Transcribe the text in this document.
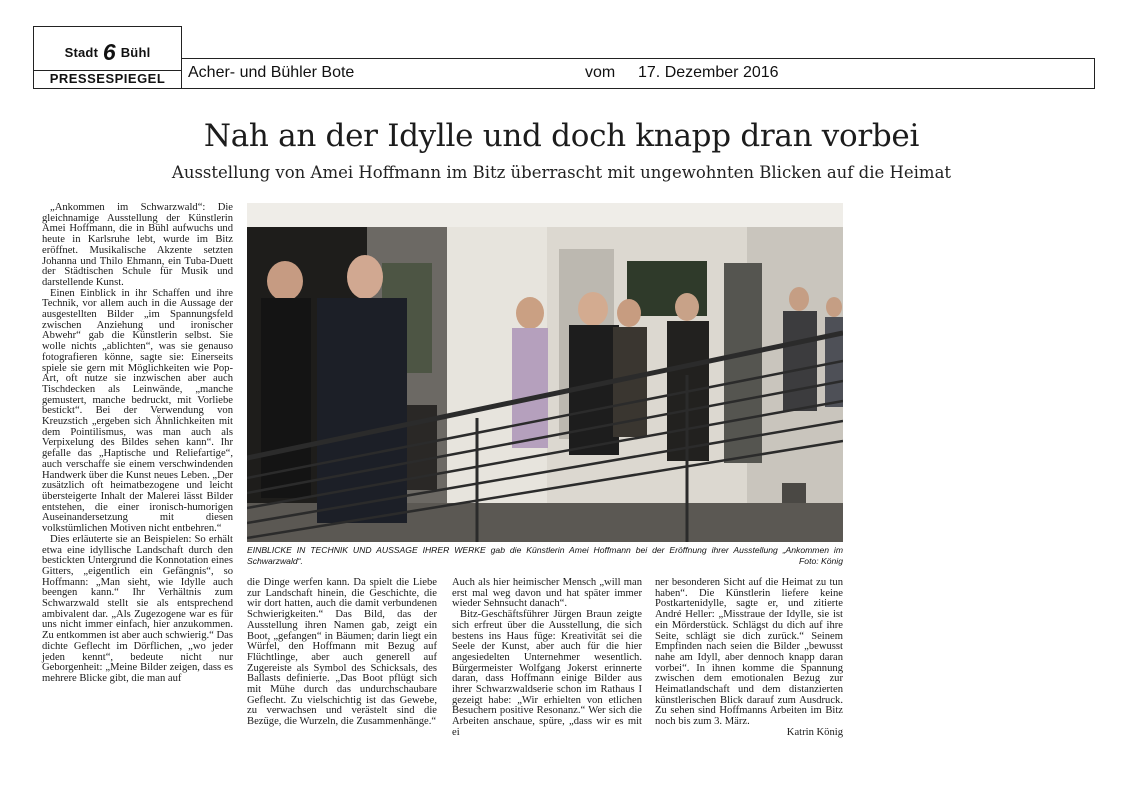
Stadt 6 Bühl
PRESSESPIEGEL	Acher- und Bühler Bote	vom 17. Dezember 2016
Nah an der Idylle und doch knapp dran vorbei
Ausstellung von Amei Hoffmann im Bitz überrascht mit ungewohnten Blicken auf die Heimat

„Ankommen im Schwarzwald“: Die gleichnamige Ausstellung der Künstlerin Amei Hoffmann, die in Bühl aufwuchs und heute in Karlsruhe lebt, wurde im Bitz eröffnet. Musikalische Akzente setzten Johanna und Thilo Ehmann, ein Tuba-Duett der Städtischen Schule für Musik und darstellende Kunst.

Einen Einblick in ihr Schaffen und ihre Technik, vor allem auch in die Aussage der ausgestellten Bilder „im Spannungsfeld zwischen Anziehung und ironischer Abwehr“ gab die Künstlerin selbst. Sie wolle nichts „ablichten“, was sie genauso fotografieren könne, sagte sie: Einerseits spiele sie gern mit Möglichkeiten wie Pop-Art, oft nutze sie inzwischen aber auch Tischdecken als Leinwände, „manche gemustert, manche bedruckt, mit Vorliebe bestickt“. Bei der Verwendung von Kreuzstich „ergeben sich Ähnlichkeiten mit dem Pointilismus, was man auch als Verpixelung des Bildes sehen kann“. Ihr gefalle das „Haptische und Reliefartige“, auch verschaffe sie einem verschwindenden Handwerk über die Kunst neues Leben. „Der zusätzlich oft heimatbezogene und leicht übersteigerte Inhalt der Malerei lässt Bilder entstehen, die einer ironisch-humorigen Auseinandersetzung mit diesen volkstümlichen Motiven nicht entbehren.“

Dies erläuterte sie an Beispielen: So erhält etwa eine idyllische Landschaft durch den bestickten Untergrund die Konnotation eines Gitters, „eigentlich ein Gefängnis“, so Hoffmann: „Man sieht, wie Idylle auch beengen kann.“ Ihr Verhältnis zum Schwarzwald stellt sie als entsprechend ambivalent dar. „Als Zugezogene war es für uns nicht immer einfach, hier anzukommen. Zu entkommen ist aber auch schwierig.“ Das dichte Geflecht im Dörflichen, „wo jeder jeden kennt“, bedeute nicht nur Geborgenheit: „Meine Bilder zeigen, dass es mehrere Blicke gibt, die man auf

EINBLICKE IN TECHNIK UND AUSSAGE IHRER WERKE gab die Künstlerin Amei Hoffmann bei der Eröffnung ihrer Ausstellung „Ankommen im Schwarzwald“.	Foto: König

die Dinge werfen kann. Da spielt die Liebe zur Landschaft hinein, die Geschichte, die wir dort hatten, auch die damit verbundenen Schwierigkeiten.“ Das Bild, das der Ausstellung ihren Namen gab, zeigt ein Boot, „gefangen“ in Bäumen; darin liegt ein Würfel, den Hoffmann mit Bezug auf Flüchtlinge, aber auch generell auf Zugereiste als Symbol des Schicksals, des Ballasts definierte. „Das Boot pflügt sich mit Mühe durch das undurchschaubare Geflecht. Zu vielschichtig ist das Gewebe, zu verwachsen und verästelt sind die Bezüge, die Wurzeln, die Zusammenhänge.“

Auch als hier heimischer Mensch „will man erst mal weg davon und hat später immer wieder Sehnsucht danach“.

Bitz-Geschäftsführer Jürgen Braun zeigte sich erfreut über die Ausstellung, die sich bestens ins Haus füge: Kreativität sei die Seele der Kunst, aber auch für die hier angesiedelten Unternehmer wesentlich. Bürgermeister Wolfgang Jokerst erinnerte daran, dass Hoffmann einige Bilder aus ihrer Schwarzwaldserie schon im Rathaus I gezeigt habe: „Wir erhielten von etlichen Besuchern positive Resonanz.“ Wer sich die Arbeiten anschaue, spüre, „dass wir es mit ei

ner besonderen Sicht auf die Heimat zu tun haben“. Die Künstlerin liefere keine Postkartenidylle, sagte er, und zitierte André Heller: „Misstraue der Idylle, sie ist ein Mörderstück. Schlägst du dich auf ihre Seite, schlägt sie dich zurück.“ Seinem Empfinden nach seien die Bilder „bewusst nahe am Idyll, aber dennoch knapp daran vorbei“. In ihnen komme die Spannung zwischen dem emotionalen Bezug zur Heimatlandschaft und dem distanzierten künstlerischen Blick darauf zum Ausdruck. Zu sehen sind Hoffmanns Arbeiten im Bitz noch bis zum 3. März.

Katrin König
